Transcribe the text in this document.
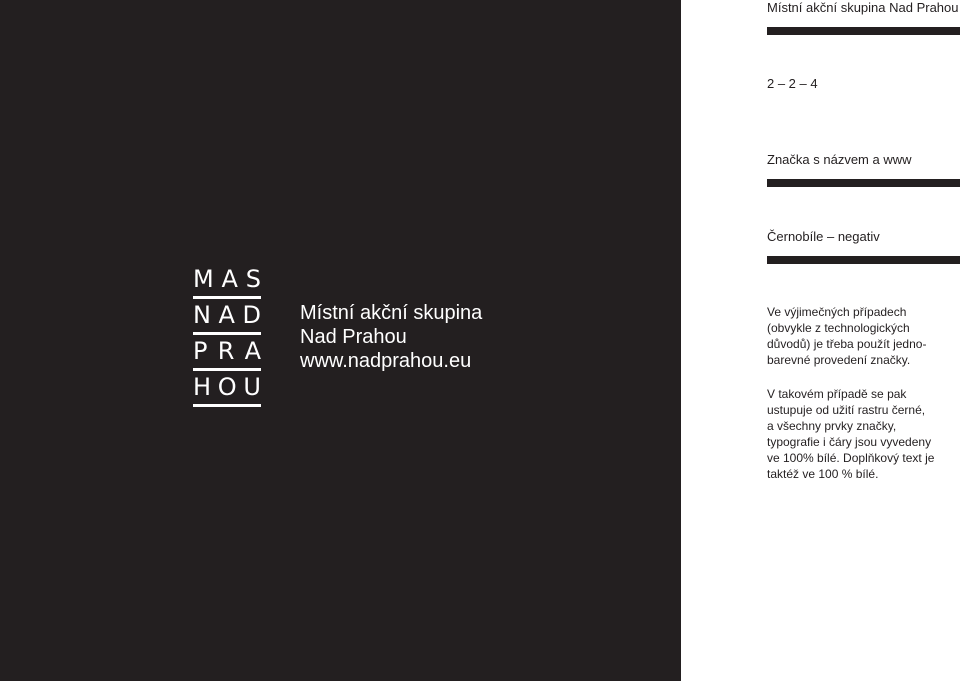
M A S
N A D
P R A
H O U
Místní akční skupina
Nad Prahou
www.nadprahou.eu
Místní akční skupina Nad Prahou
2 – 2 – 4
Značka s názvem a www
Černobíle – negativ
Ve výjimečných případech
(obvykle z technologických
důvodů) je třeba použít jedno-
barevné provedení značky.
V takovém případě se pak
ustupuje od užití rastru černé,
a všechny prvky značky,
typografie i čáry jsou vyvedeny
ve 100% bílé. Doplňkový text je
taktéž ve 100 % bílé.
